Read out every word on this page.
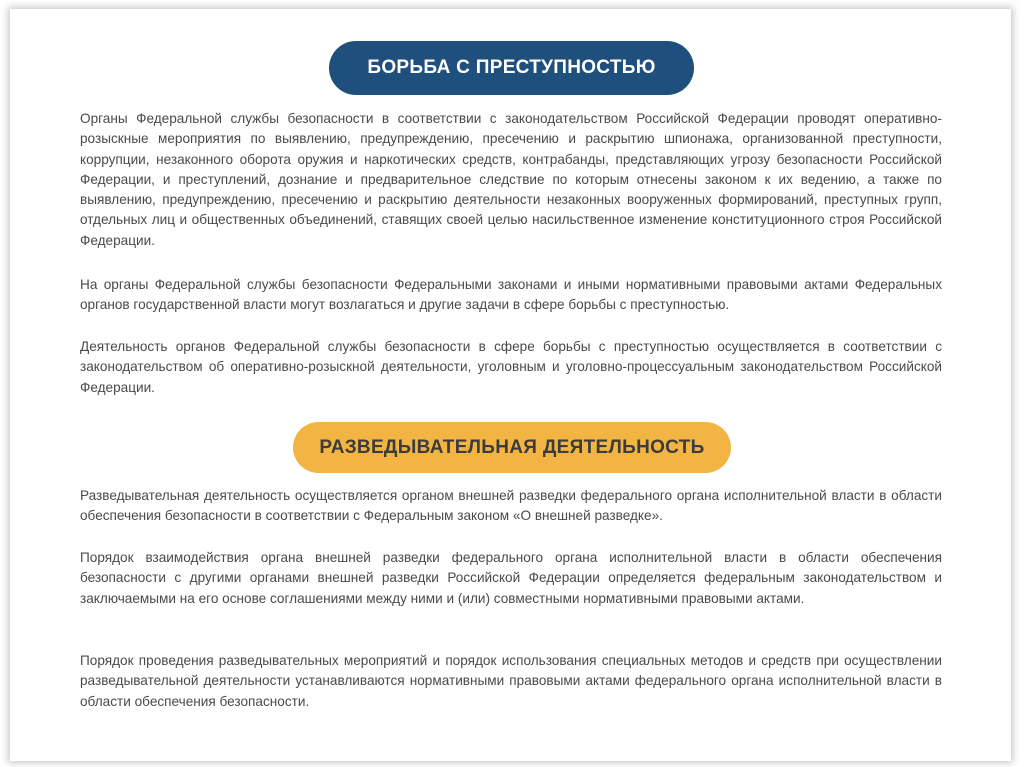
БОРЬБА С ПРЕСТУПНОСТЬЮ

Органы Федеральной службы безопасности в соответствии с законодательством Российской Федерации проводят оперативно-розыскные мероприятия по выявлению, предупреждению, пресечению и раскрытию шпионажа, организованной преступности, коррупции, незаконного оборота оружия и наркотических средств, контрабанды, представляющих угрозу безопасности Российской Федерации, и преступлений, дознание и предварительное следствие по которым отнесены законом к их ведению, а также по выявлению, предупреждению, пресечению и раскрытию деятельности незаконных вооруженных формирований, преступных групп, отдельных лиц и общественных объединений, ставящих своей целью насильственное изменение конституционного строя Российской Федерации.

На органы Федеральной службы безопасности Федеральными законами и иными нормативными правовыми актами Федеральных органов государственной власти могут возлагаться и другие задачи в сфере борьбы с преступностью.

Деятельность органов Федеральной службы безопасности в сфере борьбы с преступностью осуществляется в соответствии с законодательством об оперативно-розыскной деятельности, уголовным и уголовно-процессуальным законодательством Российской Федерации.

РАЗВЕДЫВАТЕЛЬНАЯ ДЕЯТЕЛЬНОСТЬ

Разведывательная деятельность осуществляется органом внешней разведки федерального органа исполнительной власти в области обеспечения безопасности в соответствии с Федеральным законом «О внешней разведке».

Порядок взаимодействия органа внешней разведки федерального органа исполнительной власти в области обеспечения безопасности с другими органами внешней разведки Российской Федерации определяется федеральным законодательством и заключаемыми на его основе соглашениями между ними и (или) совместными нормативными правовыми актами.

Порядок проведения разведывательных мероприятий и порядок использования специальных методов и средств при осуществлении разведывательной деятельности устанавливаются нормативными правовыми актами федерального органа исполнительной власти в области обеспечения безопасности.
